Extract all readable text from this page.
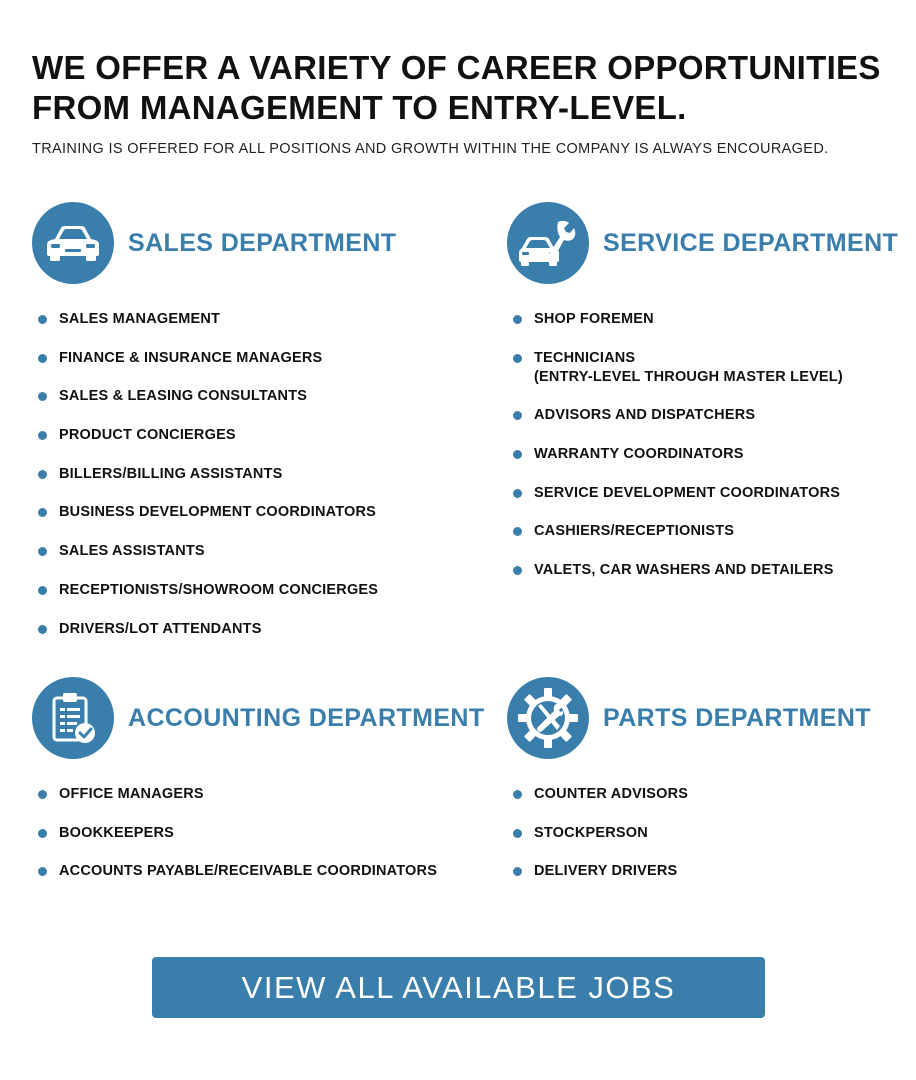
WE OFFER A VARIETY OF CAREER OPPORTUNITIES
FROM MANAGEMENT TO ENTRY-LEVEL.

TRAINING IS OFFERED FOR ALL POSITIONS AND GROWTH WITHIN THE COMPANY IS ALWAYS ENCOURAGED.

SALES DEPARTMENT
SALES MANAGEMENT
FINANCE & INSURANCE MANAGERS
SALES & LEASING CONSULTANTS
PRODUCT CONCIERGES
BILLERS/BILLING ASSISTANTS
BUSINESS DEVELOPMENT COORDINATORS
SALES ASSISTANTS
RECEPTIONISTS/SHOWROOM CONCIERGES
DRIVERS/LOT ATTENDANTS
SERVICE DEPARTMENT
SHOP FOREMEN
TECHNICIANS
(ENTRY-LEVEL THROUGH MASTER LEVEL)
ADVISORS AND DISPATCHERS
WARRANTY COORDINATORS
SERVICE DEVELOPMENT COORDINATORS
CASHIERS/RECEPTIONISTS
VALETS, CAR WASHERS AND DETAILERS
ACCOUNTING DEPARTMENT
OFFICE MANAGERS
BOOKKEEPERS
ACCOUNTS PAYABLE/RECEIVABLE COORDINATORS
PARTS DEPARTMENT
COUNTER ADVISORS
STOCKPERSON
DELIVERY DRIVERS
VIEW ALL AVAILABLE JOBS
